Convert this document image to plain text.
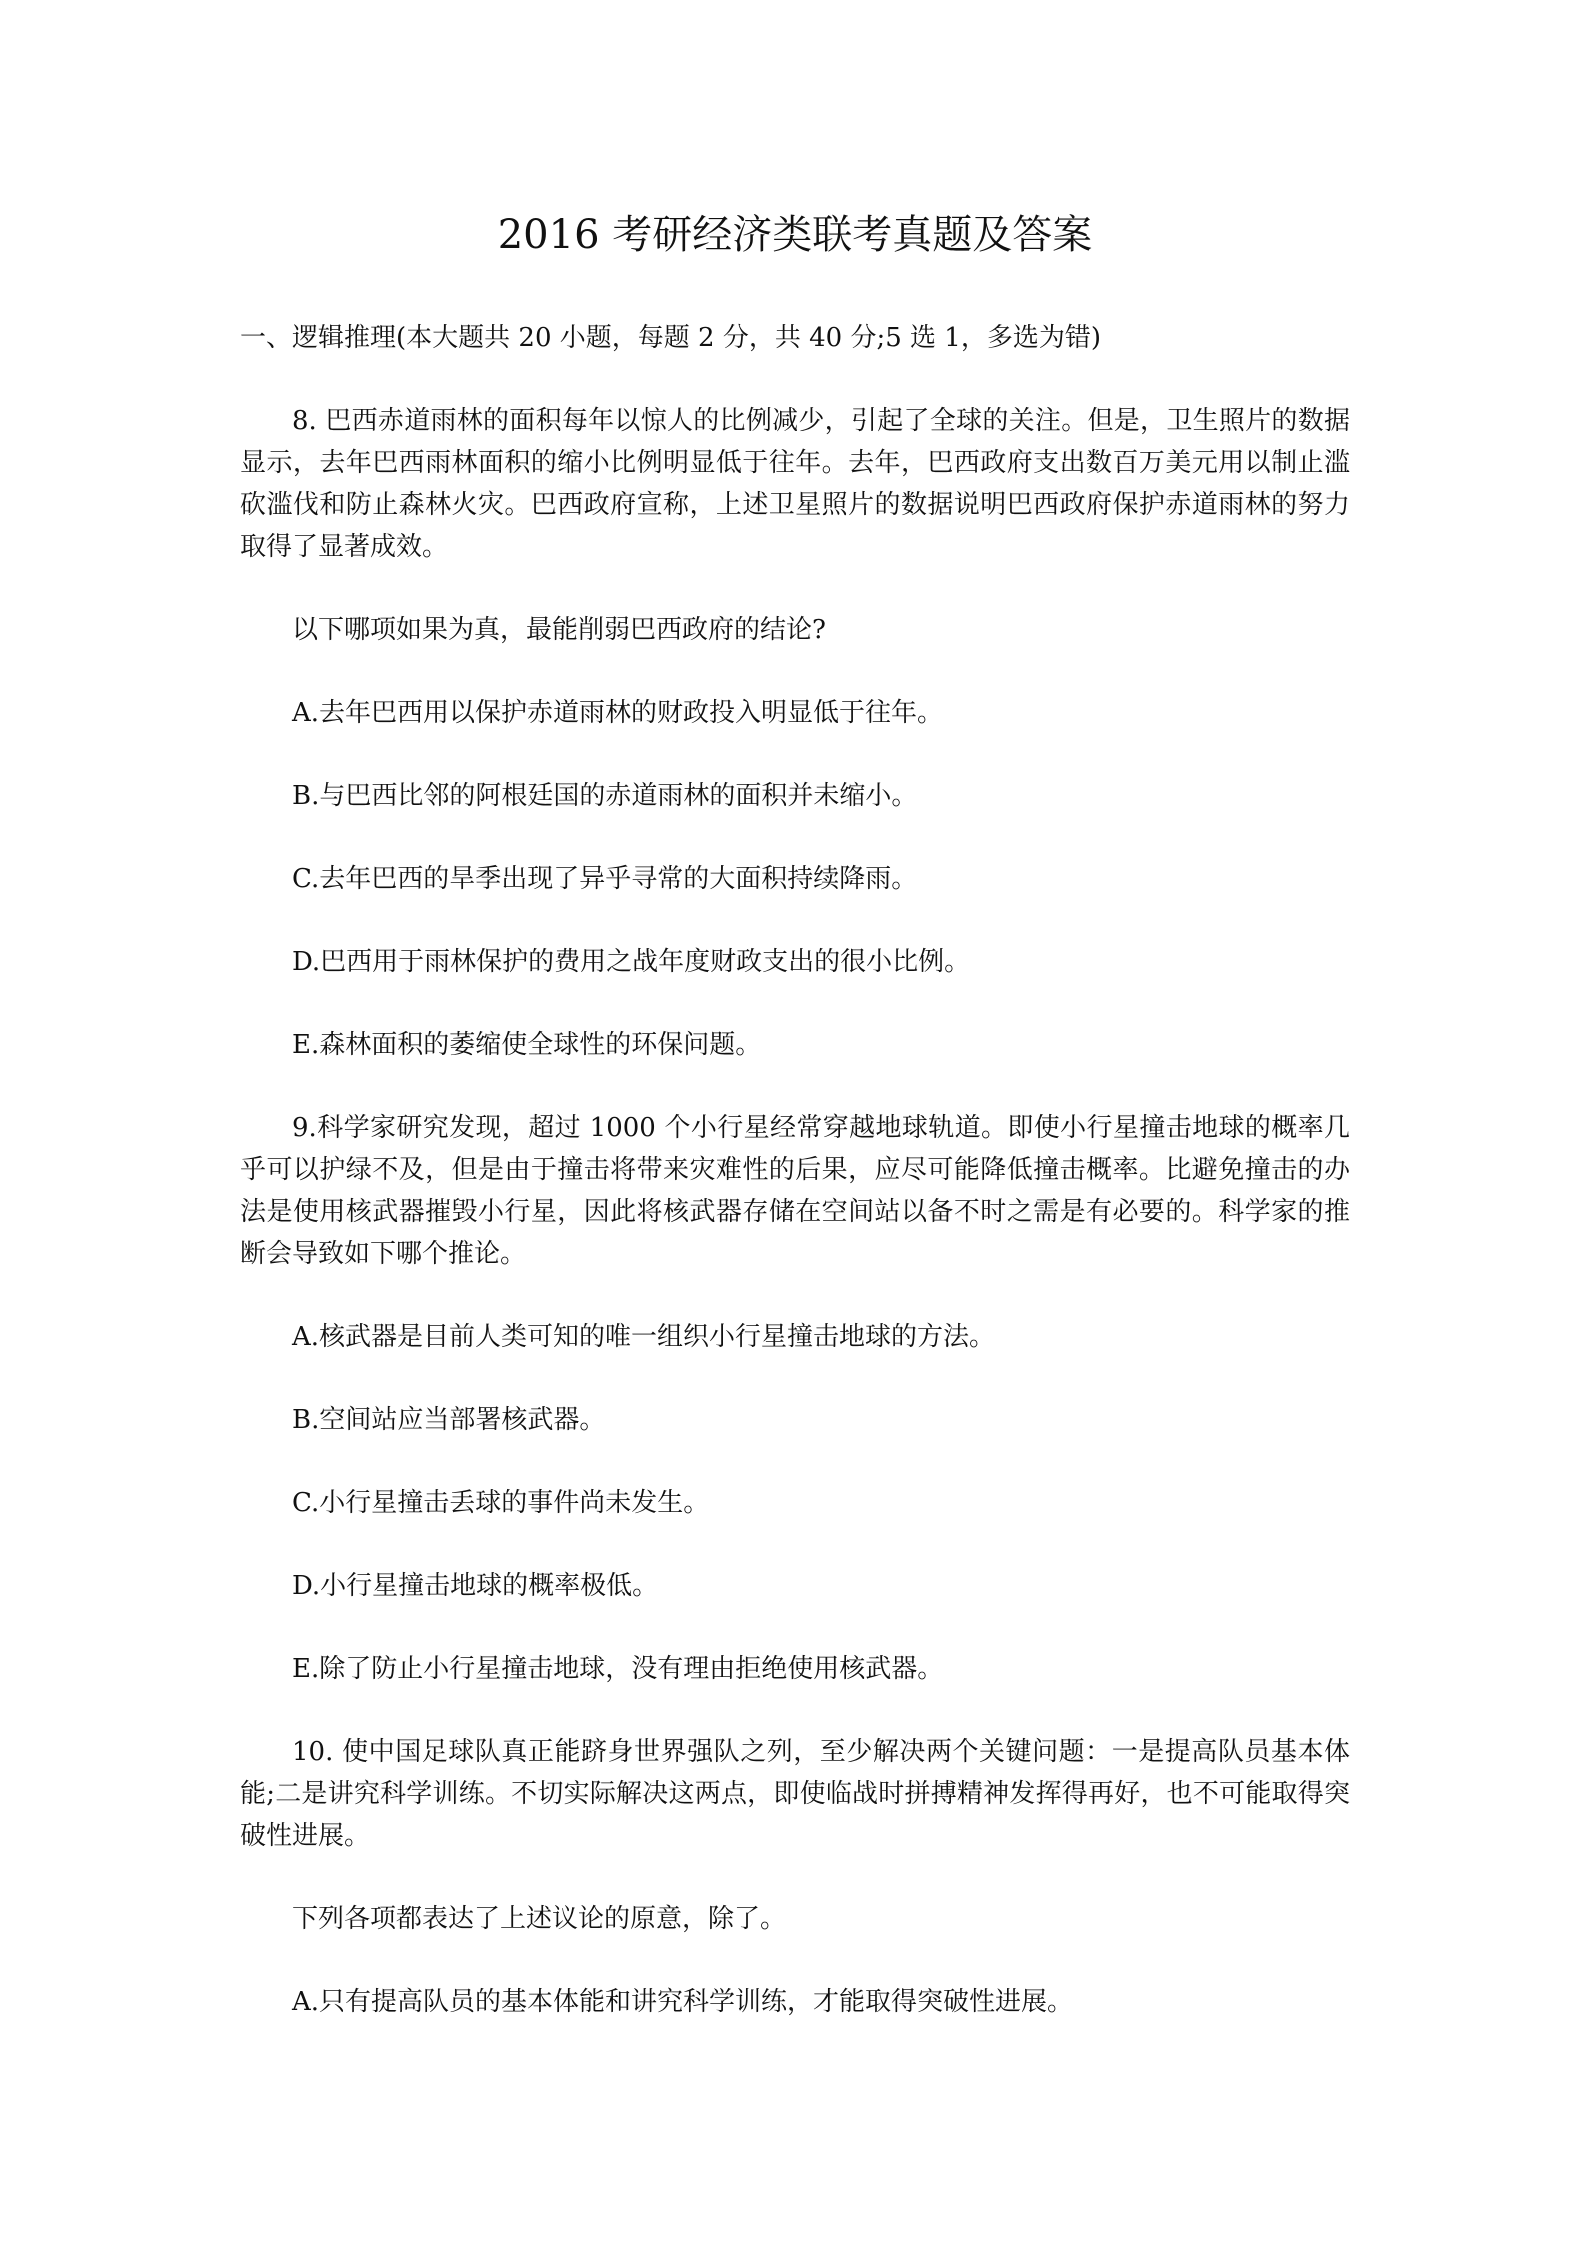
2016 考研经济类联考真题及答案

一、逻辑推理(本大题共 20 小题，每题 2 分，共 40 分;5 选 1，多选为错)

8. 巴西赤道雨林的面积每年以惊人的比例减少，引起了全球的关注。但是，卫生照片的数据显示，去年巴西雨林面积的缩小比例明显低于往年。去年，巴西政府支出数百万美元用以制止滥砍滥伐和防止森林火灾。巴西政府宣称，上述卫星照片的数据说明巴西政府保护赤道雨林的努力取得了显著成效。

以下哪项如果为真，最能削弱巴西政府的结论?

A.去年巴西用以保护赤道雨林的财政投入明显低于往年。

B.与巴西比邻的阿根廷国的赤道雨林的面积并未缩小。

C.去年巴西的旱季出现了异乎寻常的大面积持续降雨。

D.巴西用于雨林保护的费用之战年度财政支出的很小比例。

E.森林面积的萎缩使全球性的环保问题。

9.科学家研究发现，超过 1000 个小行星经常穿越地球轨道。即使小行星撞击地球的概率几乎可以护绿不及，但是由于撞击将带来灾难性的后果，应尽可能降低撞击概率。比避免撞击的办法是使用核武器摧毁小行星，因此将核武器存储在空间站以备不时之需是有必要的。科学家的推断会导致如下哪个推论。

A.核武器是目前人类可知的唯一组织小行星撞击地球的方法。

B.空间站应当部署核武器。

C.小行星撞击丢球的事件尚未发生。

D.小行星撞击地球的概率极低。

E.除了防止小行星撞击地球，没有理由拒绝使用核武器。

10. 使中国足球队真正能跻身世界强队之列，至少解决两个关键问题：一是提高队员基本体能;二是讲究科学训练。不切实际解决这两点，即使临战时拼搏精神发挥得再好，也不可能取得突破性进展。

下列各项都表达了上述议论的原意，除了。

A.只有提高队员的基本体能和讲究科学训练，才能取得突破性进展。
